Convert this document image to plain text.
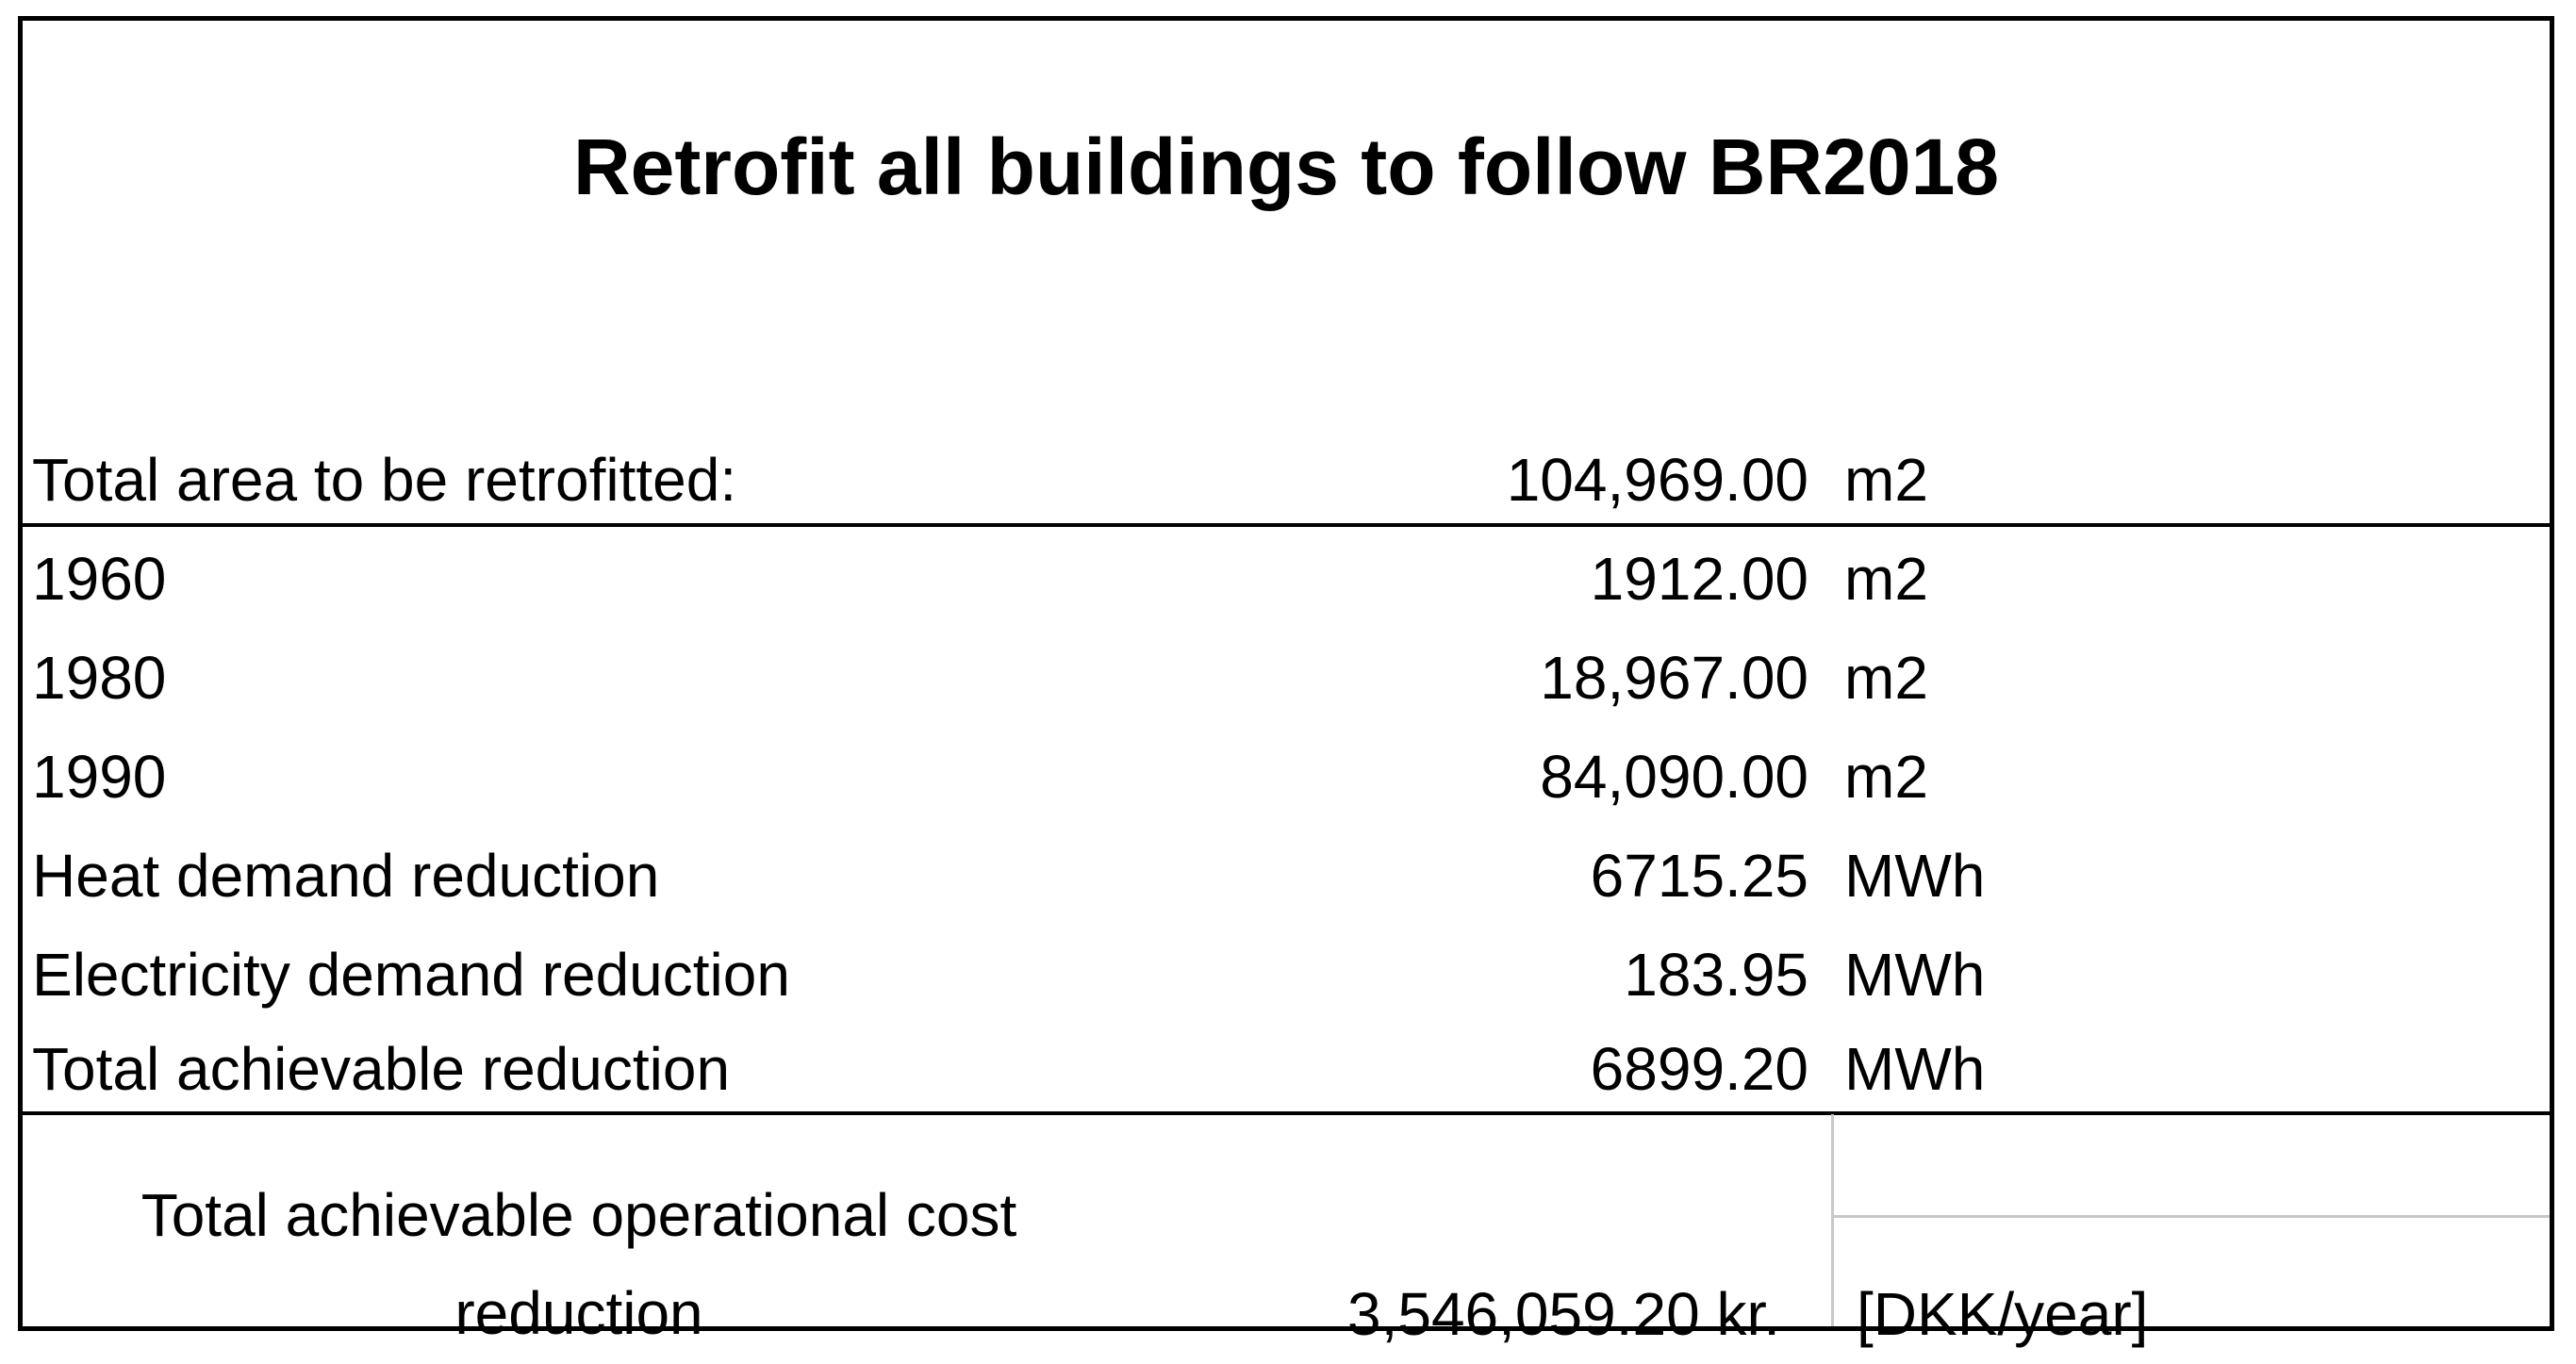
Retrofit all buildings to follow BR2018
Total area to be retrofitted:	104,969.00 m2
1960	1912.00 m2
1980	18,967.00 m2
1990	84,090.00 m2
Heat demand reduction	6715.25 MWh
Electricity demand reduction	183.95 MWh
Total achievable reduction	6899.20 MWh
Total achievable operational cost
reduction	3,546,059.20 kr. [DKK/year]
